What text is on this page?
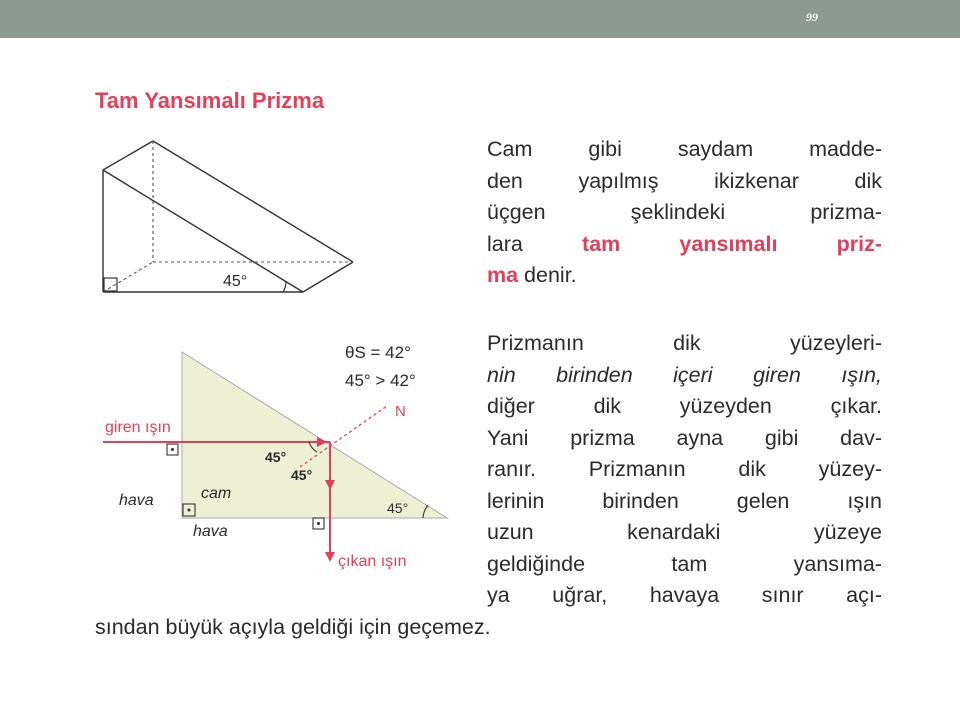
99
Tam Yansımalı Prizma
45°
θS = 42°
45° > 42°
N
giren ışın
45°
45°
hava	cam
hava
45°
çıkan ışın
Cam gibi saydam madde-
den yapılmış ikizkenar dik
üçgen şeklindeki prizma-
lara tam yansımalı priz-
ma denir.
Prizmanın dik yüzeyleri-
nin birinden içeri giren ışın,
diğer dik yüzeyden çıkar.
Yani prizma ayna gibi dav-
ranır. Prizmanın dik yüzey-
lerinin birinden gelen ışın
uzun kenardaki yüzeye
geldiğinde tam yansıma-
ya uğrar, havaya sınır açı-
sından büyük açıyla geldiği için geçemez.
